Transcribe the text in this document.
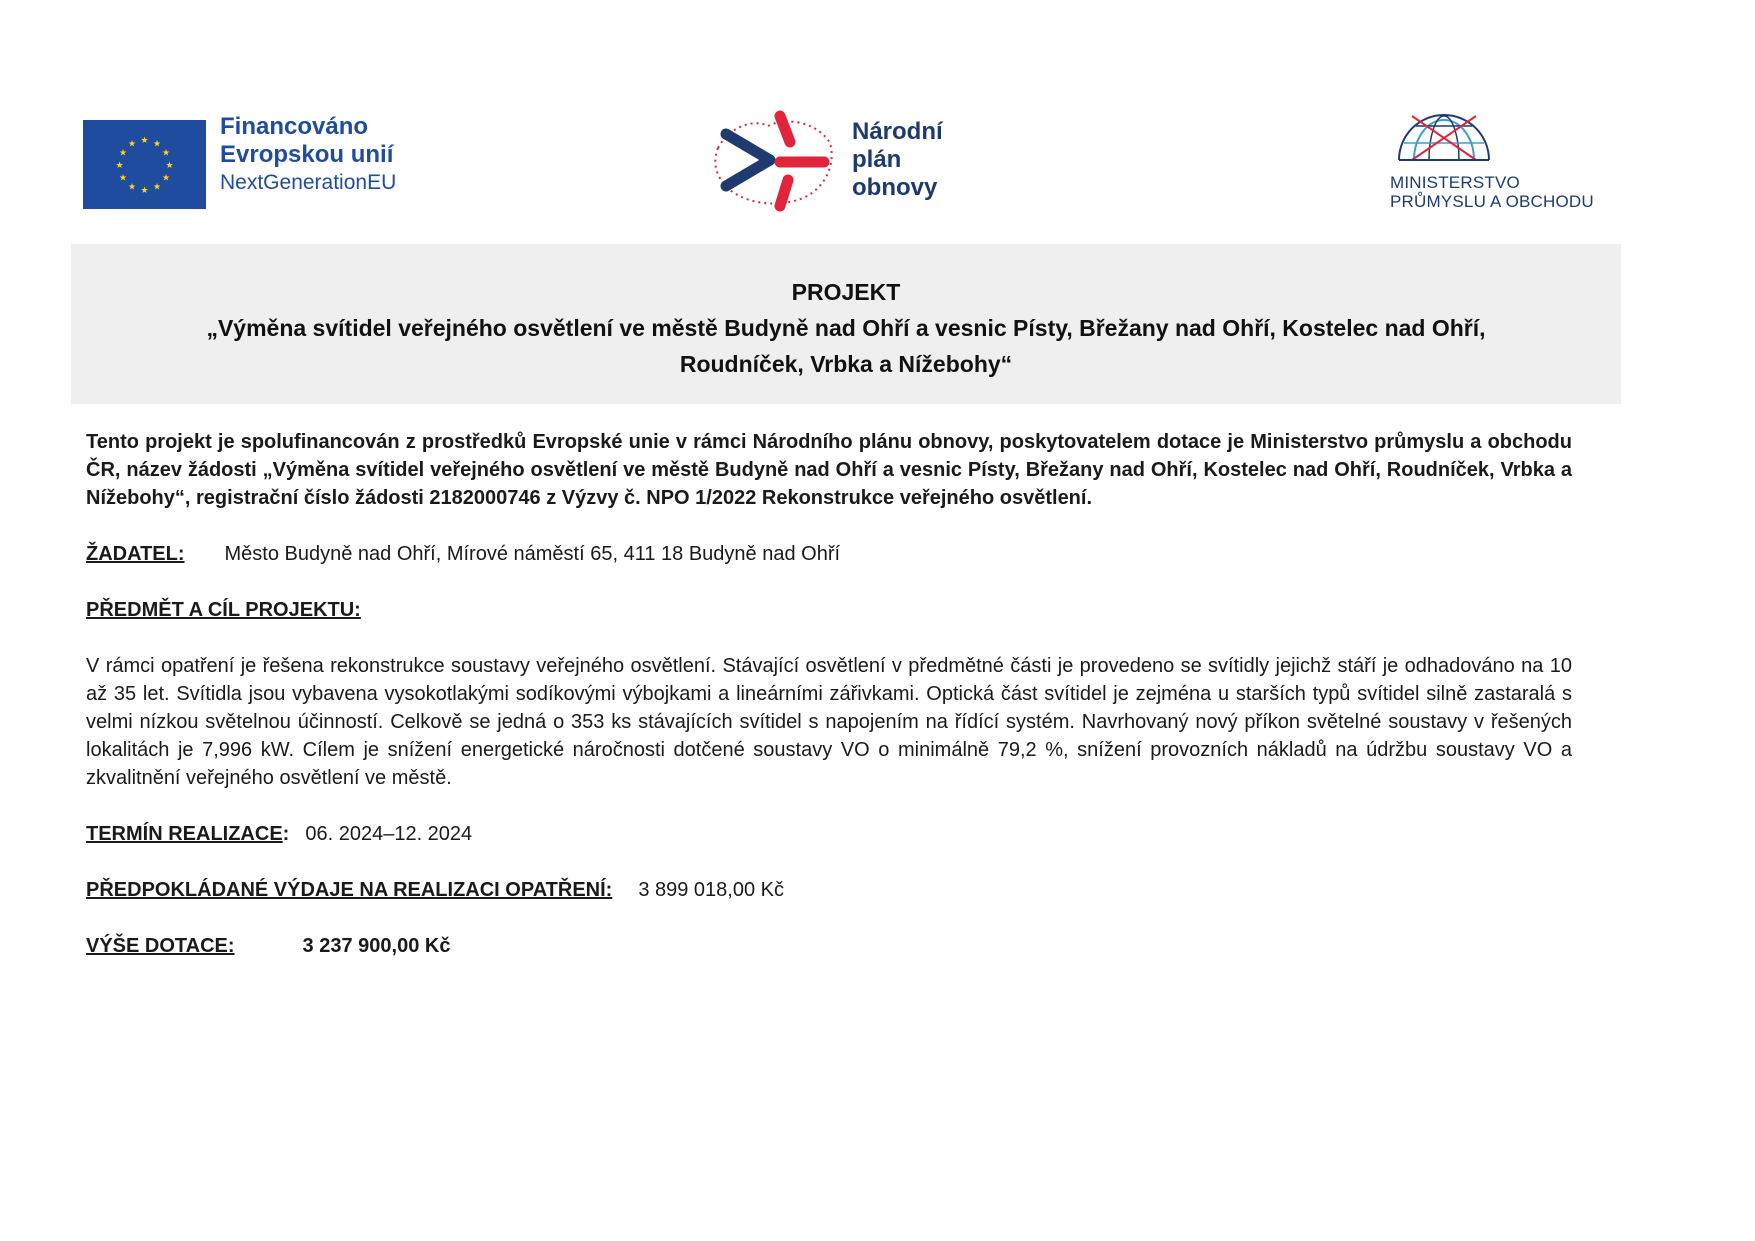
★ ★
★
★
★
★
★
★
★
★
★
★
Financováno
Evropskou unií
NextGenerationEU
Národní
plán
obnovy	MINISTERSTVO
PRŮMYSLU A OBCHODU
PROJEKT
„Výměna svítidel veřejného osvětlení ve městě Budyně nad Ohří a vesnic Písty, Břežany nad Ohří, Kostelec nad Ohří, Roudníček, Vrbka a Nížebohy“

Tento projekt je spolufinancován z prostředků Evropské unie v rámci Národního plánu obnovy, poskytovatelem dotace je Ministerstvo průmyslu a obchodu ČR, název žádosti „Výměna svítidel veřejného osvětlení ve městě Budyně nad Ohří a vesnic Písty, Břežany nad Ohří, Kostelec nad Ohří, Roudníček, Vrbka a Nížebohy“, registrační číslo žádosti 2182000746 z Výzvy č. NPO 1/2022 Rekonstrukce veřejného osvětlení.

ŽADATEL: Město Budyně nad Ohří, Mírové náměstí 65, 411 18 Budyně nad Ohří
PŘEDMĚT A CÍL PROJEKTU:

V rámci opatření je řešena rekonstrukce soustavy veřejného osvětlení. Stávající osvětlení v předmětné části je provedeno se svítidly jejichž stáří je odhadováno na 10 až 35 let. Svítidla jsou vybavena vysokotlakými sodíkovými výbojkami a lineárními zářivkami. Optická část svítidel je zejména u starších typů svítidel silně zastaralá s velmi nízkou světelnou účinností. Celkově se jedná o 353 ks stávajících svítidel s napojením na řídící systém. Navrhovaný nový příkon světelné soustavy v řešených lokalitách je 7,996 kW. Cílem je snížení energetické náročnosti dotčené soustavy VO o minimálně 79,2 %, snížení provozních nákladů na údržbu soustavy VO a zkvalitnění veřejného osvětlení ve městě.

TERMÍN REALIZACE: 06. 2024–12. 2024
PŘEDPOKLÁDANÉ VÝDAJE NA REALIZACI OPATŘENÍ: 3 899 018,00 Kč
VÝŠE DOTACE:	3 237 900,00 Kč
